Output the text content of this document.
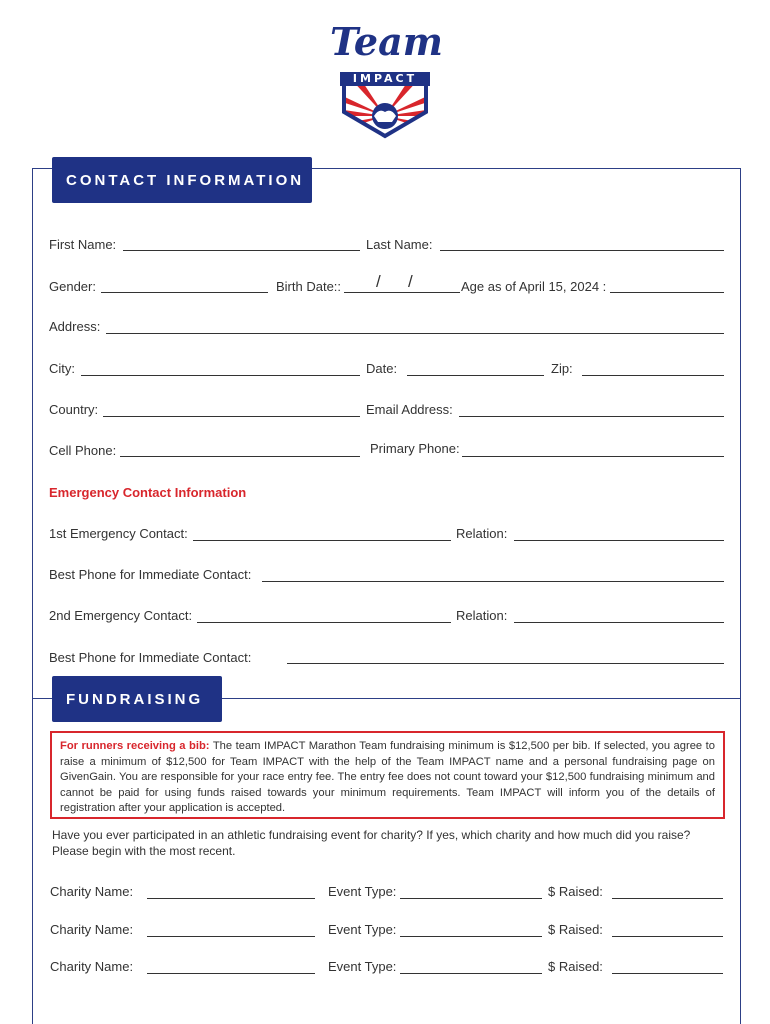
Team
IMPACT
CONTACT INFORMATION
First Name:	Last Name:
Gender:	Birth Date:: / /	Age as of April 15, 2024 :
Address:
City:	Date:	Zip:
Country:	Email Address:
Cell Phone:	Primary Phone:
Emergency Contact Information
1st Emergency Contact:	Relation:
Best Phone for Immediate Contact:
2nd Emergency Contact:	Relation:
Best Phone for Immediate Contact:
FUNDRAISING
For runners receiving a bib: The team IMPACT Marathon Team fundraising minimum is $12,500 per bib. If selected, you agree to raise a minimum of $12,500 for Team IMPACT with the help of the Team IMPACT name and a personal fundraising page on GivenGain. You are responsible for your race entry fee. The entry fee does not count toward your $12,500 fundraising minimum and cannot be paid for using funds raised towards your minimum requirements. Team IMPACT will inform you of the details of registration after your application is accepted.
Have you ever participated in an athletic fundraising event for charity? If yes, which charity and how much did you raise?
Please begin with the most recent.
Charity Name:	Event Type:	$ Raised:
Charity Name:	Event Type:	$ Raised:
Charity Name:	Event Type:	$ Raised:
